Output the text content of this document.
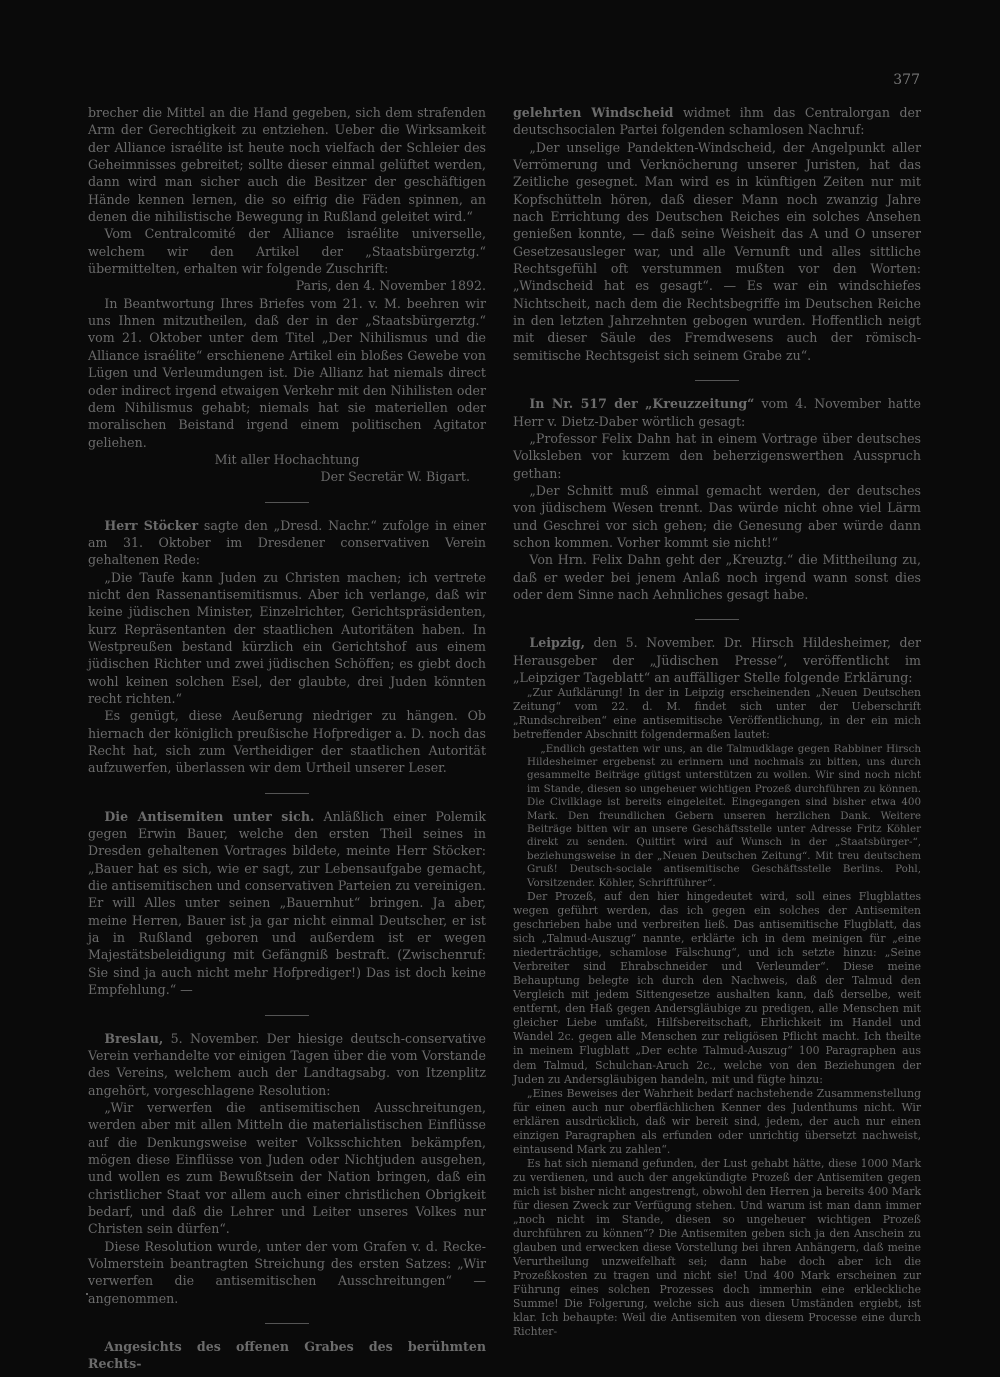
377

brecher die Mittel an die Hand gegeben, sich dem strafenden Arm der Gerechtigkeit zu entziehen. Ueber die Wirksamkeit der Alliance israélite ist heute noch vielfach der Schleier des Geheimnisses gebreitet; sollte dieser einmal gelüftet werden, dann wird man sicher auch die Besitzer der geschäftigen Hände kennen lernen, die so eifrig die Fäden spinnen, an denen die nihilistische Bewegung in Rußland geleitet wird.“

Vom Centralcomité der Alliance israélite universelle, welchem wir den Artikel der „Staatsbürgerztg.“ übermittelten, erhalten wir folgende Zuschrift:

Paris, den 4. November 1892.

In Beantwortung Ihres Briefes vom 21. v. M. beehren wir uns Ihnen mitzutheilen, daß der in der „Staatsbürgerztg.“ vom 21. Oktober unter dem Titel „Der Nihilismus und die Alliance israélite“ erschienene Artikel ein bloßes Gewebe von Lügen und Verleumdungen ist. Die Allianz hat niemals direct oder indirect irgend etwaigen Verkehr mit den Nihilisten oder dem Nihilismus gehabt; niemals hat sie materiellen oder moralischen Beistand irgend einem politischen Agitator geliehen.

Mit aller Hochachtung

Der Secretär W. Bigart.

Herr Stöcker sagte den „Dresd. Nachr.“ zufolge in einer am 31. Oktober im Dresdener conservativen Verein gehaltenen Rede:

„Die Taufe kann Juden zu Christen machen; ich vertrete nicht den Rassenantisemitismus. Aber ich verlange, daß wir keine jüdischen Minister, Einzelrichter, Gerichtspräsidenten, kurz Repräsentanten der staatlichen Autoritäten haben. In Westpreußen bestand kürzlich ein Gerichtshof aus einem jüdischen Richter und zwei jüdischen Schöffen; es giebt doch wohl keinen solchen Esel, der glaubte, drei Juden könnten recht richten.“

Es genügt, diese Aeußerung niedriger zu hängen. Ob hiernach der königlich preußische Hofprediger a. D. noch das Recht hat, sich zum Vertheidiger der staatlichen Autorität aufzuwerfen, überlassen wir dem Urtheil unserer Leser.

Die Antisemiten unter sich. Anläßlich einer Polemik gegen Erwin Bauer, welche den ersten Theil seines in Dresden gehaltenen Vortrages bildete, meinte Herr Stöcker: „Bauer hat es sich, wie er sagt, zur Lebensaufgabe gemacht, die antisemitischen und conservativen Parteien zu vereinigen. Er will Alles unter seinen „Bauernhut“ bringen. Ja aber, meine Herren, Bauer ist ja gar nicht einmal Deutscher, er ist ja in Rußland geboren und außerdem ist er wegen Majestätsbeleidigung mit Gefängniß bestraft. (Zwischenruf: Sie sind ja auch nicht mehr Hofprediger!) Das ist doch keine Empfehlung.“ —

Breslau, 5. November. Der hiesige deutsch-conservative Verein verhandelte vor einigen Tagen über die vom Vorstande des Vereins, welchem auch der Landtagsabg. von Itzenplitz angehört, vorgeschlagene Resolution:

„Wir verwerfen die antisemitischen Ausschreitungen, werden aber mit allen Mitteln die materialistischen Einflüsse auf die Denkungsweise weiter Volksschichten bekämpfen, mögen diese Einflüsse von Juden oder Nichtjuden ausgehen, und wollen es zum Bewußtsein der Nation bringen, daß ein christlicher Staat vor allem auch einer christlichen Obrigkeit bedarf, und daß die Lehrer und Leiter unseres Volkes nur Christen sein dürfen“.

Diese Resolution wurde, unter der vom Grafen v. d. Recke-Volmerstein beantragten Streichung des ersten Satzes: „Wir verwerfen die antisemitischen Ausschreitungen“ — angenommen.

Angesichts des offenen Grabes des berühmten Rechts-

gelehrten Windscheid widmet ihm das Centralorgan der deutschsocialen Partei folgenden schamlosen Nachruf:

„Der unselige Pandekten-Windscheid, der Angelpunkt aller Verrömerung und Verknöcherung unserer Juristen, hat das Zeitliche gesegnet. Man wird es in künftigen Zeiten nur mit Kopfschütteln hören, daß dieser Mann noch zwanzig Jahre nach Errichtung des Deutschen Reiches ein solches Ansehen genießen konnte, — daß seine Weisheit das A und O unserer Gesetzesausleger war, und alle Vernunft und alles sittliche Rechtsgefühl oft verstummen mußten vor den Worten: „Windscheid hat es gesagt“. — Es war ein windschiefes Nichtscheit, nach dem die Rechtsbegriffe im Deutschen Reiche in den letzten Jahrzehnten gebogen wurden. Hoffentlich neigt mit dieser Säule des Fremdwesens auch der römisch-semitische Rechtsgeist sich seinem Grabe zu“.

In Nr. 517 der „Kreuzzeitung“ vom 4. November hatte Herr v. Dietz-Daber wörtlich gesagt:

„Professor Felix Dahn hat in einem Vortrage über deutsches Volksleben vor kurzem den beherzigenswerthen Ausspruch gethan:

„Der Schnitt muß einmal gemacht werden, der deutsches von jüdischem Wesen trennt. Das würde nicht ohne viel Lärm und Geschrei vor sich gehen; die Genesung aber würde dann schon kommen. Vorher kommt sie nicht!“

Von Hrn. Felix Dahn geht der „Kreuztg.“ die Mittheilung zu, daß er weder bei jenem Anlaß noch irgend wann sonst dies oder dem Sinne nach Aehnliches gesagt habe.

Leipzig, den 5. November. Dr. Hirsch Hildesheimer, der Herausgeber der „Jüdischen Presse“, veröffentlicht im „Leipziger Tageblatt“ an auffälliger Stelle folgende Erklärung:

„Zur Aufklärung! In der in Leipzig erscheinenden „Neuen Deutschen Zeitung“ vom 22. d. M. findet sich unter der Ueberschrift „Rundschreiben“ eine antisemitische Veröffentlichung, in der ein mich betreffender Abschnitt folgendermaßen lautet:

„Endlich gestatten wir uns, an die Talmudklage gegen Rabbiner Hirsch Hildesheimer ergebenst zu erinnern und nochmals zu bitten, uns durch gesammelte Beiträge gütigst unterstützen zu wollen. Wir sind noch nicht im Stande, diesen so ungeheuer wichtigen Prozeß durchführen zu können. Die Civilklage ist bereits eingeleitet. Eingegangen sind bisher etwa 400 Mark. Den freundlichen Gebern unseren herzlichen Dank. Weitere Beiträge bitten wir an unsere Geschäftsstelle unter Adresse Fritz Köhler direkt zu senden. Quittirt wird auf Wunsch in der „Staatsbürger-“, beziehungsweise in der „Neuen Deutschen Zeitung“. Mit treu deutschem Gruß! Deutsch-sociale antisemitische Geschäftsstelle Berlins. Pohl, Vorsitzender. Köhler, Schriftführer“.

Der Prozeß, auf den hier hingedeutet wird, soll eines Flugblattes wegen geführt werden, das ich gegen ein solches der Antisemiten geschrieben habe und verbreiten ließ. Das antisemitische Flugblatt, das sich „Talmud-Auszug“ nannte, erklärte ich in dem meinigen für „eine niederträchtige, schamlose Fälschung“, und ich setzte hinzu: „Seine Verbreiter sind Ehrabschneider und Verleumder“. Diese meine Behauptung belegte ich durch den Nachweis, daß der Talmud den Vergleich mit jedem Sittengesetze aushalten kann, daß derselbe, weit entfernt, den Haß gegen Andersgläubige zu predigen, alle Menschen mit gleicher Liebe umfaßt, Hilfsbereitschaft, Ehrlichkeit im Handel und Wandel 2c. gegen alle Menschen zur religiösen Pflicht macht. Ich theilte in meinem Flugblatt „Der echte Talmud-Auszug“ 100 Paragraphen aus dem Talmud, Schulchan-Aruch 2c., welche von den Beziehungen der Juden zu Andersgläubigen handeln, mit und fügte hinzu:

„Eines Beweises der Wahrheit bedarf nachstehende Zusammenstellung für einen auch nur oberflächlichen Kenner des Judenthums nicht. Wir erklären ausdrücklich, daß wir bereit sind, jedem, der auch nur einen einzigen Paragraphen als erfunden oder unrichtig übersetzt nachweist, eintausend Mark zu zahlen“.

Es hat sich niemand gefunden, der Lust gehabt hätte, diese 1000 Mark zu verdienen, und auch der angekündigte Prozeß der Antisemiten gegen mich ist bisher nicht angestrengt, obwohl den Herren ja bereits 400 Mark für diesen Zweck zur Verfügung stehen. Und warum ist man dann immer „noch nicht im Stande, diesen so ungeheuer wichtigen Prozeß durchführen zu können“? Die Antisemiten geben sich ja den Anschein zu glauben und erwecken diese Vorstellung bei ihren Anhängern, daß meine Verurtheilung unzweifelhaft sei; dann habe doch aber ich die Prozeßkosten zu tragen und nicht sie! Und 400 Mark erscheinen zur Führung eines solchen Prozesses doch immerhin eine erkleckliche Summe! Die Folgerung, welche sich aus diesen Umständen ergiebt, ist klar. Ich behaupte: Weil die Antisemiten von diesem Processe eine durch Richter-
